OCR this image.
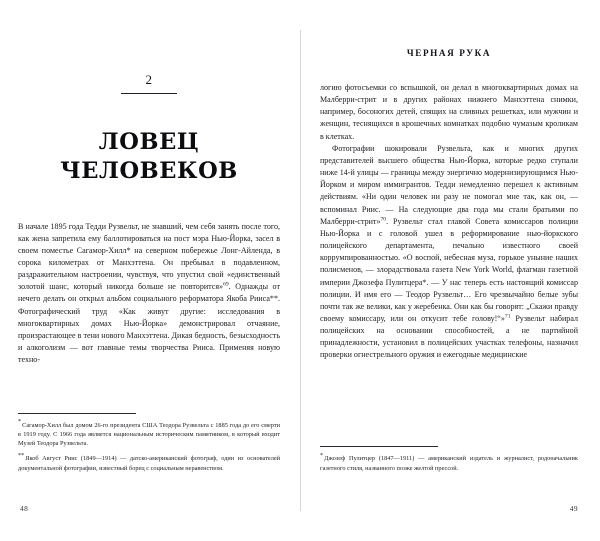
2
ЛОВЕЦ
ЧЕЛОВЕКОВ

В начале 1895 года Тедди Рузвельт, не знавший, чем себя занять после того, как жена запретила ему баллотироваться на пост мэра Нью-Йорка, засел в своем поместье Сагамор-Хилл* на северном побережье Лонг-Айленда, в сорока километрах от Манхэттена. Он пребывал в подавленном, раздражительном настроении, чувствуя, что упустил свой «единственный золотой шанс, который никогда больше не повторится»$^{69}$. Однажды от нечего делать он открыл альбом социального реформатора Якоба Рииса**. Фотографический труд «Как живут другие: исследования в многоквартирных домах Нью-Йорка» демонстрировал отчаяние, произрастающее в тени нового Манхэттена. Дикая бедность, безысходность и алкоголизм — вот главные темы творчества Рииса. Применяя новую техно-

*Сагамор-Хилл был домом 26-го президента США Теодора Рузвельта с 1885 года до его смерти в 1919 году. С 1966 года является национальным историческим памятником, в который входит Музей Теодора Рузвельта.
**Якоб Август Риис (1849—1914) — датско-американский фотограф, один из основателей документальной фотографии, известный борец с социальным неравенством.
48
ЧЕРНАЯ РУКА

логию фотосъемки со вспышкой, он делал в многоквартирных домах на Малберри-стрит и в других районах нижнего Манхэттена снимки, например, босоногих детей, спящих на сливных решетках, или мужчин и женщин, теснящихся в крошечных комнатках подобно чумазым кроликам в клетках.

Фотографии шокировали Рузвельта, как и многих других представителей высшего общества Нью-Йорка, которые редко ступали ниже 14-й улицы — границы между энергично модернизирующимся Нью-Йорком и миром иммигрантов. Тедди немедленно перешел к активным действиям. «Ни один человек ни разу не помогал мне так, как он, — вспоминал Риис. — На следующие два года мы стали братьями по Малберри-стрит»$^{70}$. Рузвельт стал главой Совета комиссаров полиции Нью-Йорка и с головой ушел в реформирование нью-йоркского полицейского департамента, печально известного своей коррумпированностью. «О воспой, небесная муза, горькое уныние наших полисменов, — злорадствовала газета New York World, флагман газетной империи Джозефа Пулитцера*. — У нас теперь есть настоящий комиссар полиции. И имя его — Теодор Рузвельт… Его чрезвычайно белые зубы почти так же велики, как у жеребенка. Они как бы говорят: „Скажи правду своему комиссару, или он откусит тебе голову!“»$^{71}$ Рузвельт набирал полицейских на основании способностей, а не партийной принадлежности, установил в полицейских участках телефоны, назначил проверки огнестрельного оружия и ежегодные медицинские

*Джозеф Пулитцер (1847—1911) — американский издатель и журналист, родоначальник газетного стиля, названного позже желтой прессой.
49
